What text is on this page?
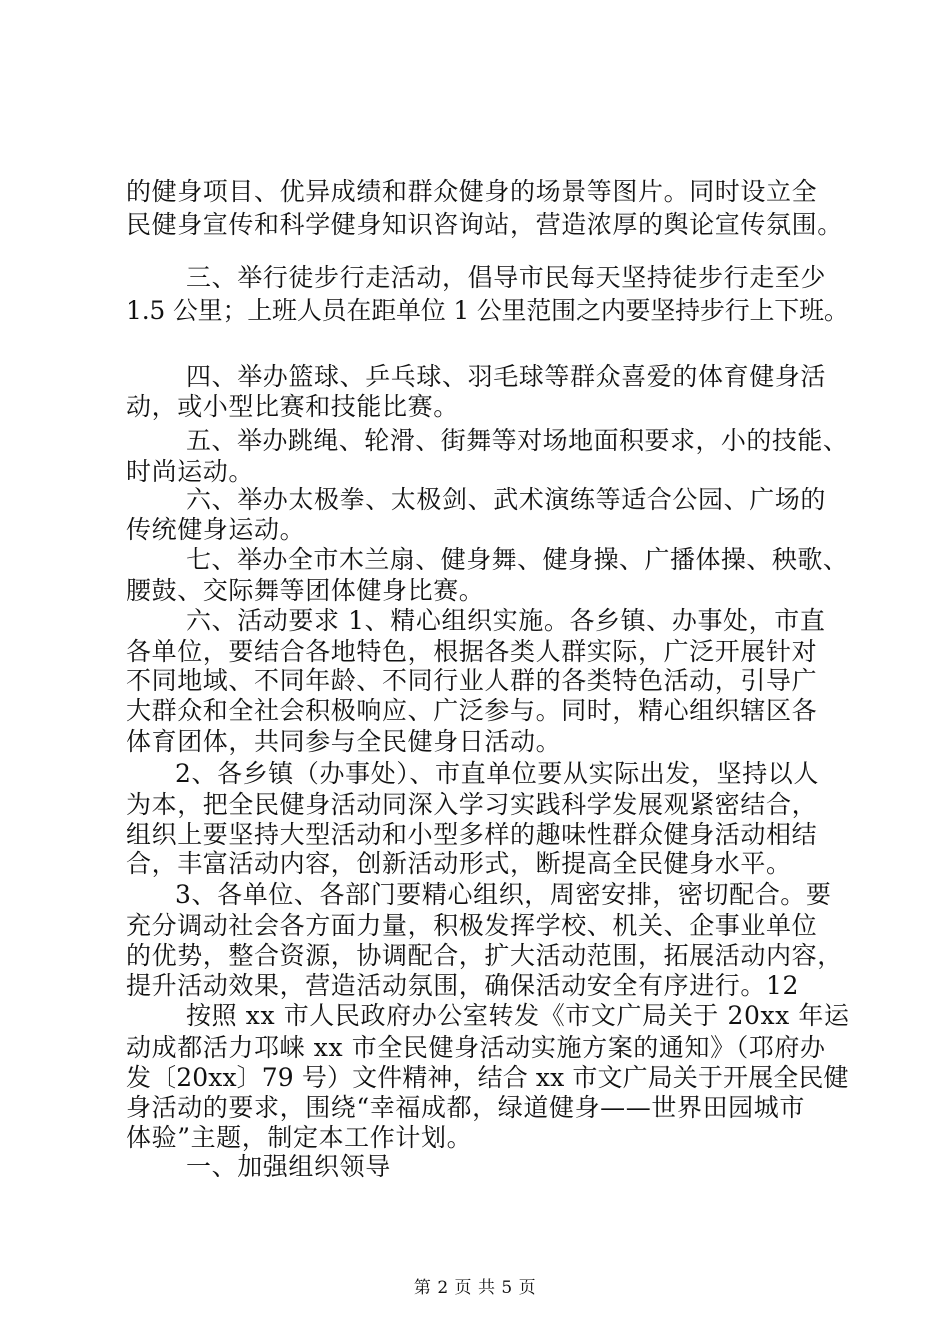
的健身项目、优异成绩和群众健身的场景等图片。同时设立全
民健身宣传和科学健身知识咨询站，营造浓厚的舆论宣传氛围。
三、举行徒步行走活动，倡导市民每天坚持徒步行走至少
1.5 公里；上班人员在距单位 1 公里范围之内要坚持步行上下班。
四、举办篮球、乒乓球、羽毛球等群众喜爱的体育健身活
动，或小型比赛和技能比赛。
五、举办跳绳、轮滑、街舞等对场地面积要求，小的技能、
时尚运动。
六、举办太极拳、太极剑、武术演练等适合公园、广场的
传统健身运动。
七、举办全市木兰扇、健身舞、健身操、广播体操、秧歌、
腰鼓、交际舞等团体健身比赛。
六、活动要求 1、精心组织实施。各乡镇、办事处，市直
各单位，要结合各地特色，根据各类人群实际，广泛开展针对
不同地域、不同年龄、不同行业人群的各类特色活动，引导广
大群众和全社会积极响应、广泛参与。同时，精心组织辖区各
体育团体，共同参与全民健身日活动。
2、各乡镇（办事处）、市直单位要从实际出发，坚持以人
为本，把全民健身活动同深入学习实践科学发展观紧密结合，
组织上要坚持大型活动和小型多样的趣味性群众健身活动相结
合，丰富活动内容，创新活动形式，断提高全民健身水平。
3、各单位、各部门要精心组织，周密安排，密切配合。要
充分调动社会各方面力量，积极发挥学校、机关、企事业单位
的优势，整合资源，协调配合，扩大活动范围，拓展活动内容，
提升活动效果，营造活动氛围，确保活动安全有序进行。12
按照 xx 市人民政府办公室转发《市文广局关于 20xx 年运
动成都活力邛崃 xx 市全民健身活动实施方案的通知》（邛府办
发〔20xx〕79 号）文件精神，结合 xx 市文广局关于开展全民健
身活动的要求，围绕“幸福成都，绿道健身——世界田园城市
体验”主题，制定本工作计划。
一、加强组织领导
第 2 页 共 5 页
